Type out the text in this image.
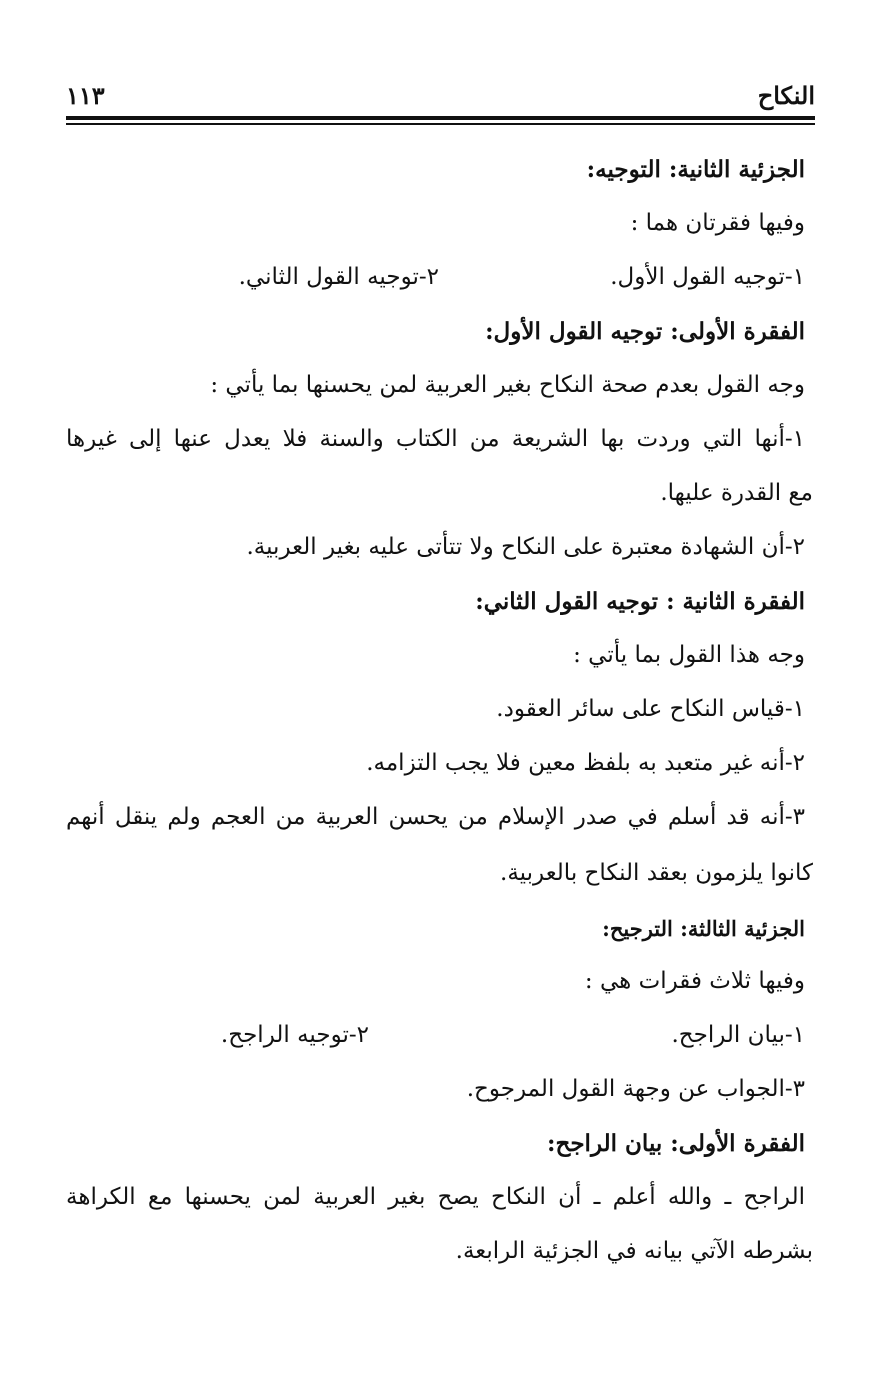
١١٣	النكاح
الجزئية الثانية: التوجيه:
وفيها فقرتان هما :
١-توجيه القول الأول.
٢-توجيه القول الثاني.
الفقرة الأولى: توجيه القول الأول:
وجه القول بعدم صحة النكاح بغير العربية لمن يحسنها بما يأتي :
١-أنها التي وردت بها الشريعة من الكتاب والسنة فلا يعدل عنها إلى غيرها
مع القدرة عليها.
٢-أن الشهادة معتبرة على النكاح ولا تتأتى عليه بغير العربية.
الفقرة الثانية : توجيه القول الثاني:
وجه هذا القول بما يأتي :
١-قياس النكاح على سائر العقود.
٢-أنه غير متعبد به بلفظ معين فلا يجب التزامه.
٣-أنه قد أسلم في صدر الإسلام من يحسن العربية من العجم ولم ينقل أنهم
كانوا يلزمون بعقد النكاح بالعربية.
الجزئية الثالثة: الترجيح:
وفيها ثلاث فقرات هي :
١-بيان الراجح.
٢-توجيه الراجح.
٣-الجواب عن وجهة القول المرجوح.
الفقرة الأولى: بيان الراجح:
الراجح ـ والله أعلم ـ أن النكاح يصح بغير العربية لمن يحسنها مع الكراهة
بشرطه الآتي بيانه في الجزئية الرابعة.
